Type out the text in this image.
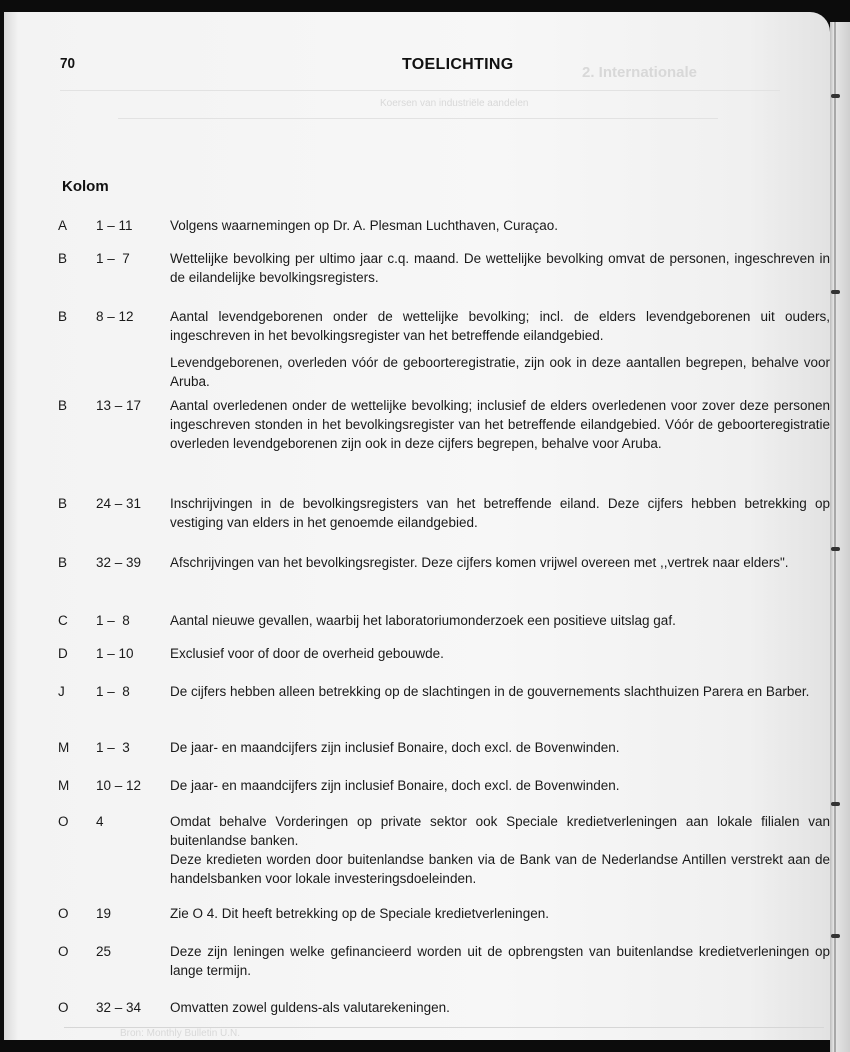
2. Internationale
Koersen van industriële aandelen
70	TOELICHTING
Kolom
A 1 – 11	Volgens waarnemingen op Dr. A. Plesman Luchthaven, Curaçao.

B 1 –  7	Wettelijke bevolking per ultimo jaar c.q. maand. De wettelijke bevolking omvat de personen, ingeschreven in de eilandelijke bevolkingsregisters.

B 8 – 12	Aantal levendgeborenen onder de wettelijke bevolking; incl. de elders levendgeborenen uit ouders, ingeschreven in het bevolkingsregister van het betreffende eilandgebied.

Levendgeborenen, overleden vóór de geboorteregistratie, zijn ook in deze aantallen begrepen, behalve voor Aruba.

B 13 – 17 Aantal overledenen onder de wettelijke bevolking; inclusief de elders overledenen voor zover deze personen ingeschreven stonden in het bevolkingsregister van het betreffende eilandgebied. Vóór de geboorteregistratie overleden levendgeborenen zijn ook in deze cijfers begrepen, behalve voor Aruba.

B 24 – 31 Inschrijvingen in de bevolkingsregisters van het betreffende eiland. Deze cijfers hebben betrekking op vestiging van elders in het genoemde eilandgebied.

B 32 – 39 Afschrijvingen van het bevolkingsregister. Deze cijfers komen vrijwel overeen met ,,vertrek naar elders".

C 1 –  8	Aantal nieuwe gevallen, waarbij het laboratoriumonderzoek een positieve uitslag gaf.

D 1 – 10	Exclusief voor of door de overheid gebouwde.

J 1 –  8	De cijfers hebben alleen betrekking op de slachtingen in de gouvernements slachthuizen Parera en Barber.

M 1 –  3	De jaar- en maandcijfers zijn inclusief Bonaire, doch excl. de Bovenwinden.

M 10 – 12 De jaar- en maandcijfers zijn inclusief Bonaire, doch excl. de Bovenwinden.

O 4	Omdat behalve Vorderingen op private sektor ook Speciale kredietverleningen aan lokale filialen van buitenlandse banken.

Deze kredieten worden door buitenlandse banken via de Bank van de Nederlandse Antillen verstrekt aan de handelsbanken voor lokale investeringsdoeleinden.

O 19	Zie O 4. Dit heeft betrekking op de Speciale kredietverleningen.

O 25	Deze zijn leningen welke gefinancieerd worden uit de opbrengsten van buitenlandse kredietverleningen op lange termijn.

O 32 – 34 Omvatten zowel guldens-als valutarekeningen.

Bron: Monthly Bulletin U.N.
